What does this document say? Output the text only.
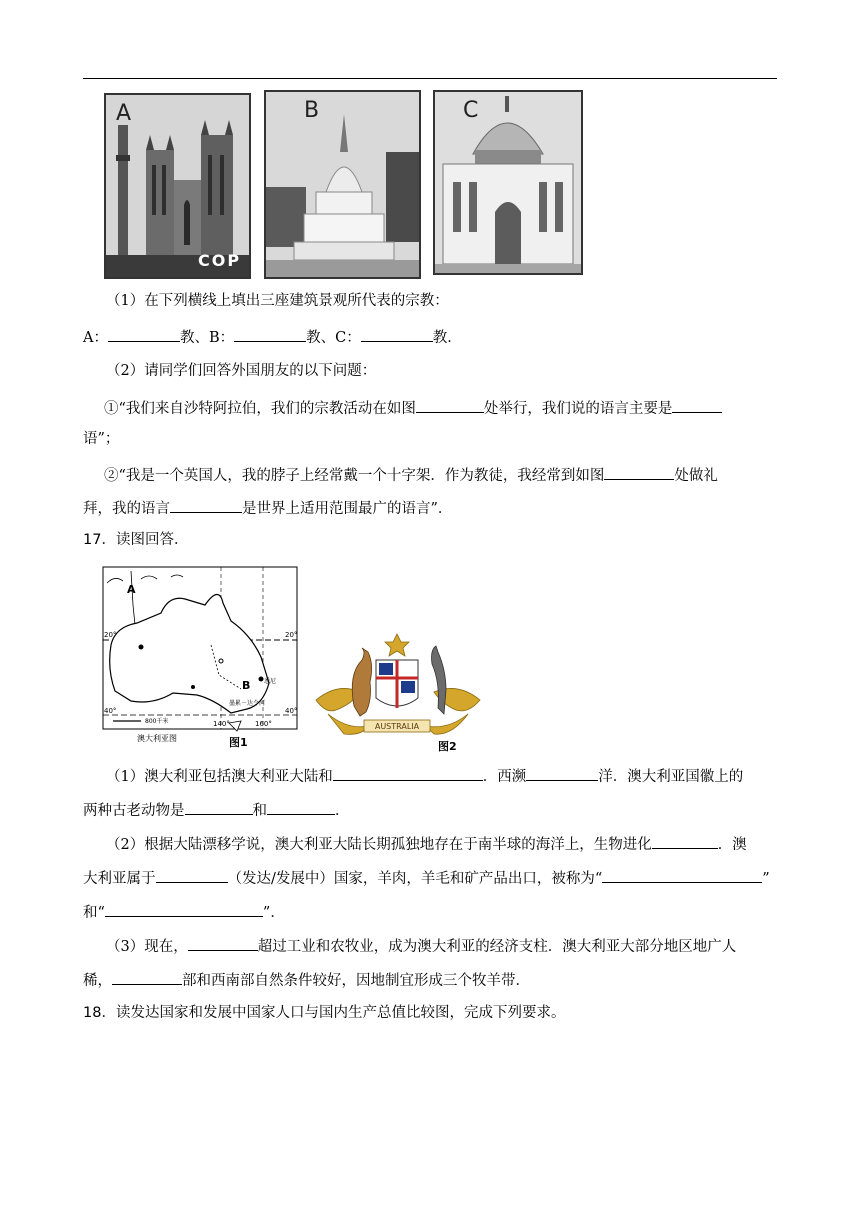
A
COP
B	C
（1）在下列横线上填出三座建筑景观所代表的宗教：
A：	教、B：	教、C：	教．
（2）请同学们回答外国朋友的以下问题：
①“我们来自沙特阿拉伯，我们的宗教活动在如图	处举行，我们说的语言主要是
语”；
②“我是一个英国人，我的脖子上经常戴一个十字架．作为教徒，我经常到如图	处做礼
拜，我的语言	是世界上适用范围最广的语言”．
17．读图回答．
A
B
20°	20°
40°	40°
140°	160°
悉尼
墨累－达令河
800千米
澳大利亚图	图1
AUSTRALIA
图2
（1）澳大利亚包括澳大利亚大陆和	．西濒	洋．澳大利亚国徽上的
两种古老动物是	和	．
（2）根据大陆漂移学说，澳大利亚大陆长期孤独地存在于南半球的海洋上，生物进化	．澳
大利亚属于	（发达/发展中）国家，羊肉，羊毛和矿产品出口，被称为“	”
和“	”．
（3）现在，	超过工业和农牧业，成为澳大利亚的经济支柱．澳大利亚大部分地区地广人
稀，	部和西南部自然条件较好，因地制宜形成三个牧羊带．
18．读发达国家和发展中国家人口与国内生产总值比较图，完成下列要求。
